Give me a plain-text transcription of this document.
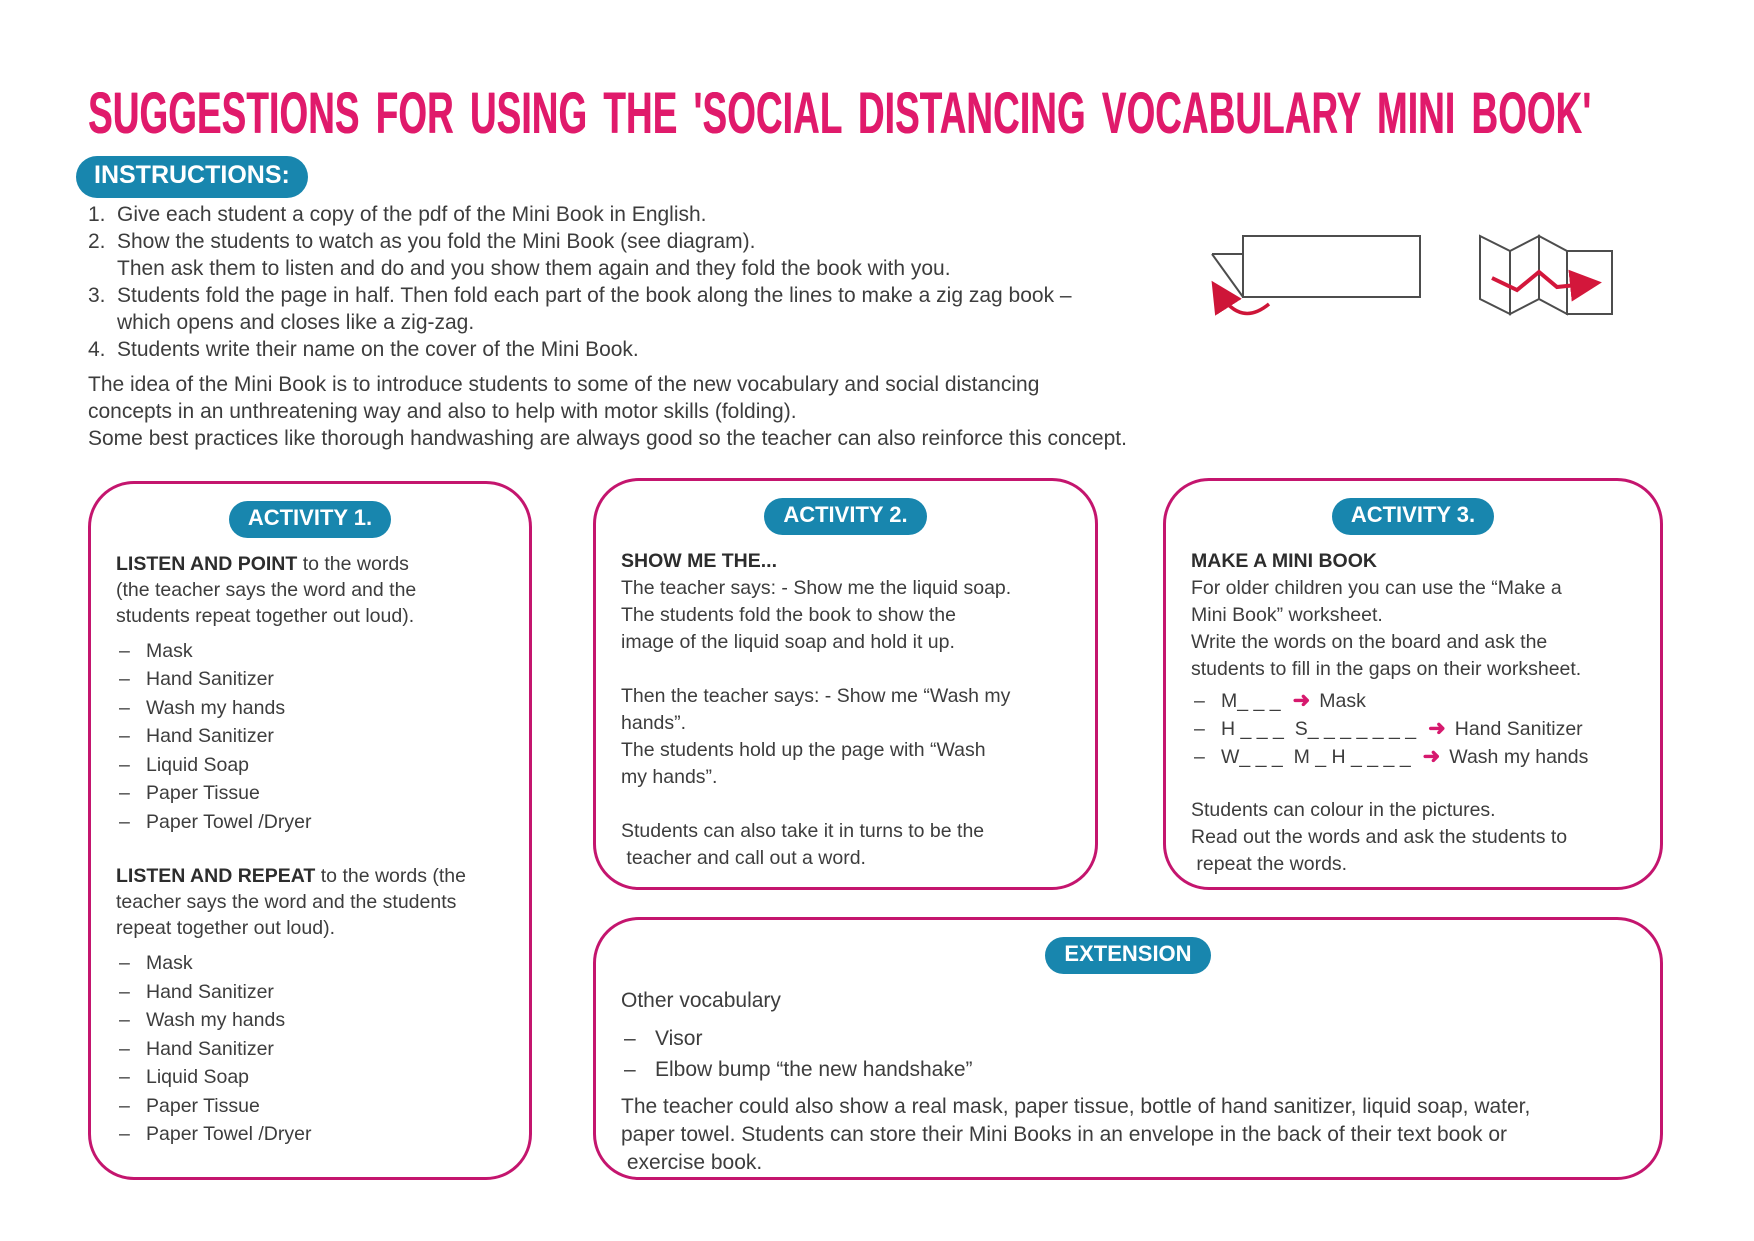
SUGGESTIONS FOR USING THE 'SOCIAL DISTANCING VOCABULARY MINI BOOK'
INSTRUCTIONS:
1. Give each student a copy of the pdf of the Mini Book in English.
2. Show the students to watch as you fold the Mini Book (see diagram).
Then ask them to listen and do and you show them again and they fold the book with you.
3. Students fold the page in half. Then fold each part of the book along the lines to make a zig zag book –
which opens and closes like a zig-zag.
4. Students write their name on the cover of the Mini Book.
The idea of the Mini Book is to introduce students to some of the new vocabulary and social distancing
concepts in an unthreatening way and also to help with motor skills (folding).
Some best practices like thorough handwashing are always good so the teacher can also reinforce this concept.
ACTIVITY 1.
LISTEN AND POINT to the words
(the teacher says the word and the
students repeat together out loud).
– Mask
– Hand Sanitizer
– Wash my hands
– Hand Sanitizer
– Liquid Soap
– Paper Tissue
– Paper Towel /Dryer
LISTEN AND REPEAT to the words (the
teacher says the word and the students
repeat together out loud).
– Mask
– Hand Sanitizer
– Wash my hands
– Hand Sanitizer
– Liquid Soap
– Paper Tissue
– Paper Towel /Dryer
ACTIVITY 2.
SHOW ME THE...
The teacher says: - Show me the liquid soap.
The students fold the book to show the
image of the liquid soap and hold it up.
Then the teacher says: - Show me “Wash my
hands”.
The students hold up the page with “Wash
my hands”.
Students can also take it in turns to be the
teacher and call out a word.
ACTIVITY 3.
MAKE A MINI BOOK
For older children you can use the “Make a
Mini Book” worksheet.
Write the words on the board and ask the
students to fill in the gaps on their worksheet.
– M_ _ _ ➜ Mask
– H _ _ _  S_ _ _ _ _ _ _ ➜ Hand Sanitizer
– W_ _ _  M _ H _ _ _ _ ➜ Wash my hands
Students can colour in the pictures.
Read out the words and ask the students to
repeat the words.
EXTENSION
Other vocabulary
– Visor
– Elbow bump “the new handshake”
The teacher could also show a real mask, paper tissue, bottle of hand sanitizer, liquid soap, water,
paper towel. Students can store their Mini Books in an envelope in the back of their text book or
exercise book.
